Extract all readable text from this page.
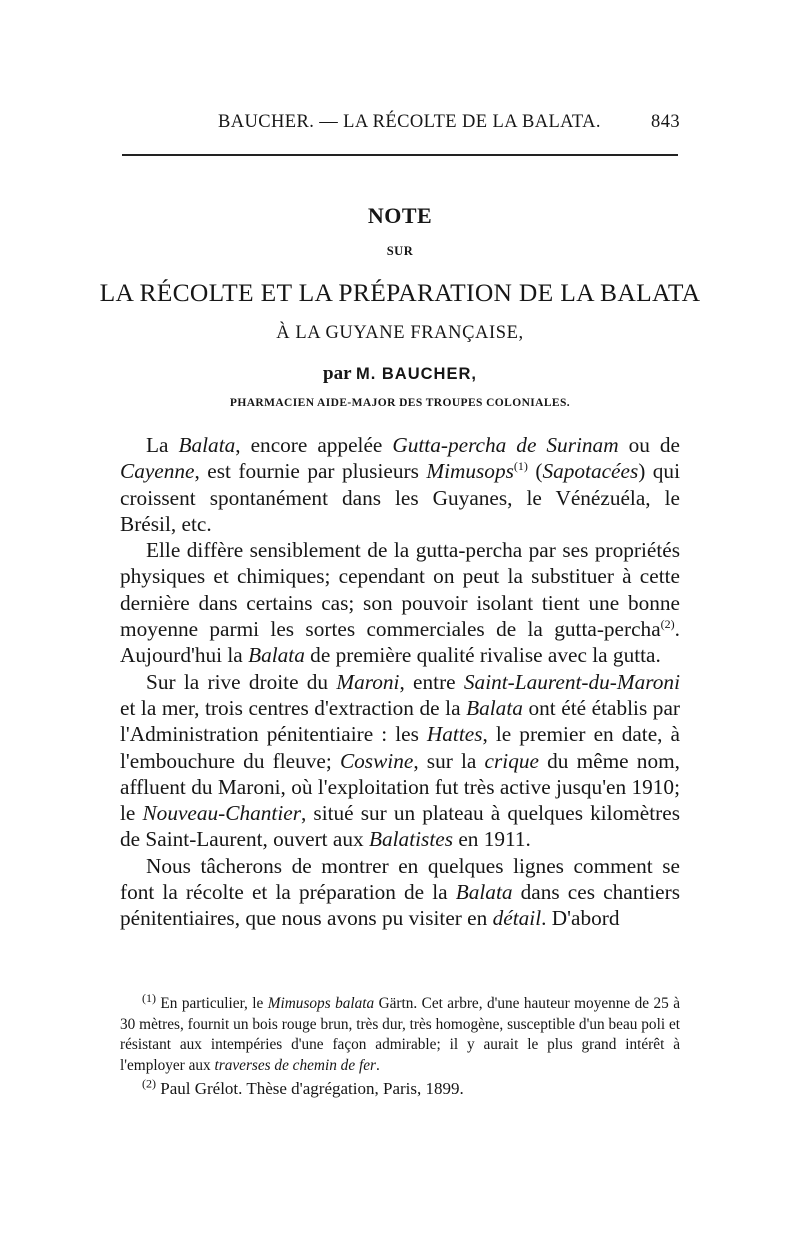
BAUCHER. — LA RÉCOLTE DE LA BALATA.	843
NOTE
SUR
LA RÉCOLTE ET LA PRÉPARATION DE LA BALATA
À LA GUYANE FRANÇAISE,
par M. BAUCHER,
PHARMACIEN AIDE-MAJOR DES TROUPES COLONIALES.

La Balata, encore appelée Gutta-percha de Surinam ou de Cayenne, est fournie par plusieurs Mimusops$^{(1)}$ (Sapotacées) qui croissent spontanément dans les Guyanes, le Vénézuéla, le Brésil, etc.

Elle diffère sensiblement de la gutta-percha par ses propriétés physiques et chimiques; cependant on peut la substituer à cette dernière dans certains cas; son pouvoir isolant tient une bonne moyenne parmi les sortes commerciales de la gutta-percha$^{(2)}$. Aujourd'hui la Balata de première qualité rivalise avec la gutta.

Sur la rive droite du Maroni, entre Saint-Laurent-du-Maroni et la mer, trois centres d'extraction de la Balata ont été établis par l'Administration pénitentiaire : les Hattes, le premier en date, à l'embouchure du fleuve; Coswine, sur la crique du même nom, affluent du Maroni, où l'exploitation fut très active jusqu'en 1910; le Nouveau-Chantier, situé sur un plateau à quelques kilomètres de Saint-Laurent, ouvert aux Balatistes en 1911.

Nous tâcherons de montrer en quelques lignes comment se font la récolte et la préparation de la Balata dans ces chantiers pénitentiaires, que nous avons pu visiter en détail. D'abord

$^{(1)}$ En particulier, le Mimusops balata Gärtn. Cet arbre, d'une hauteur moyenne de 25 à 30 mètres, fournit un bois rouge brun, très dur, très homogène, susceptible d'un beau poli et résistant aux intempéries d'une façon admirable; il y aurait le plus grand intérêt à l'employer aux traverses de chemin de fer.

$^{(2)}$ Paul Grélot. Thèse d'agrégation, Paris, 1899.
